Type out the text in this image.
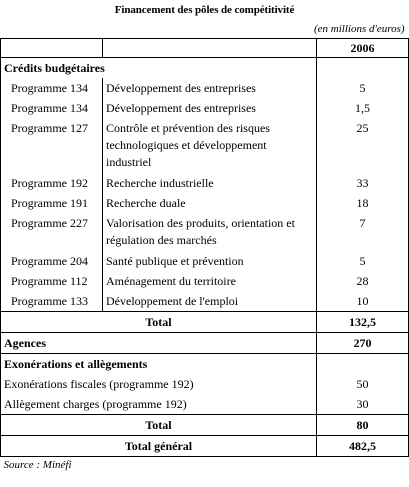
Financement des pôles de compétitivité		
(en millions d'euros)		
		2006
Crédits budgétaires		
Programme 134	Développement des entreprises	5
Programme 134	Développement des entreprises	1,5
Programme 127	Contrôle et prévention des risques technologiques et développement industriel	25
Programme 192	Recherche industrielle	33
Programme 191	Recherche duale	18
Programme 227	Valorisation des produits, orientation et régulation des marchés	7
Programme 204	Santé publique et prévention	5
Programme 112	Aménagement du territoire	28
Programme 133	Développement de l'emploi	10
Total		132,5
Agences		270
Exonérations et allègements		
Exonérations fiscales (programme 192)		50
Allègement charges (programme 192)		30
Total		80
Total général		482,5
Source : Minéfi		
